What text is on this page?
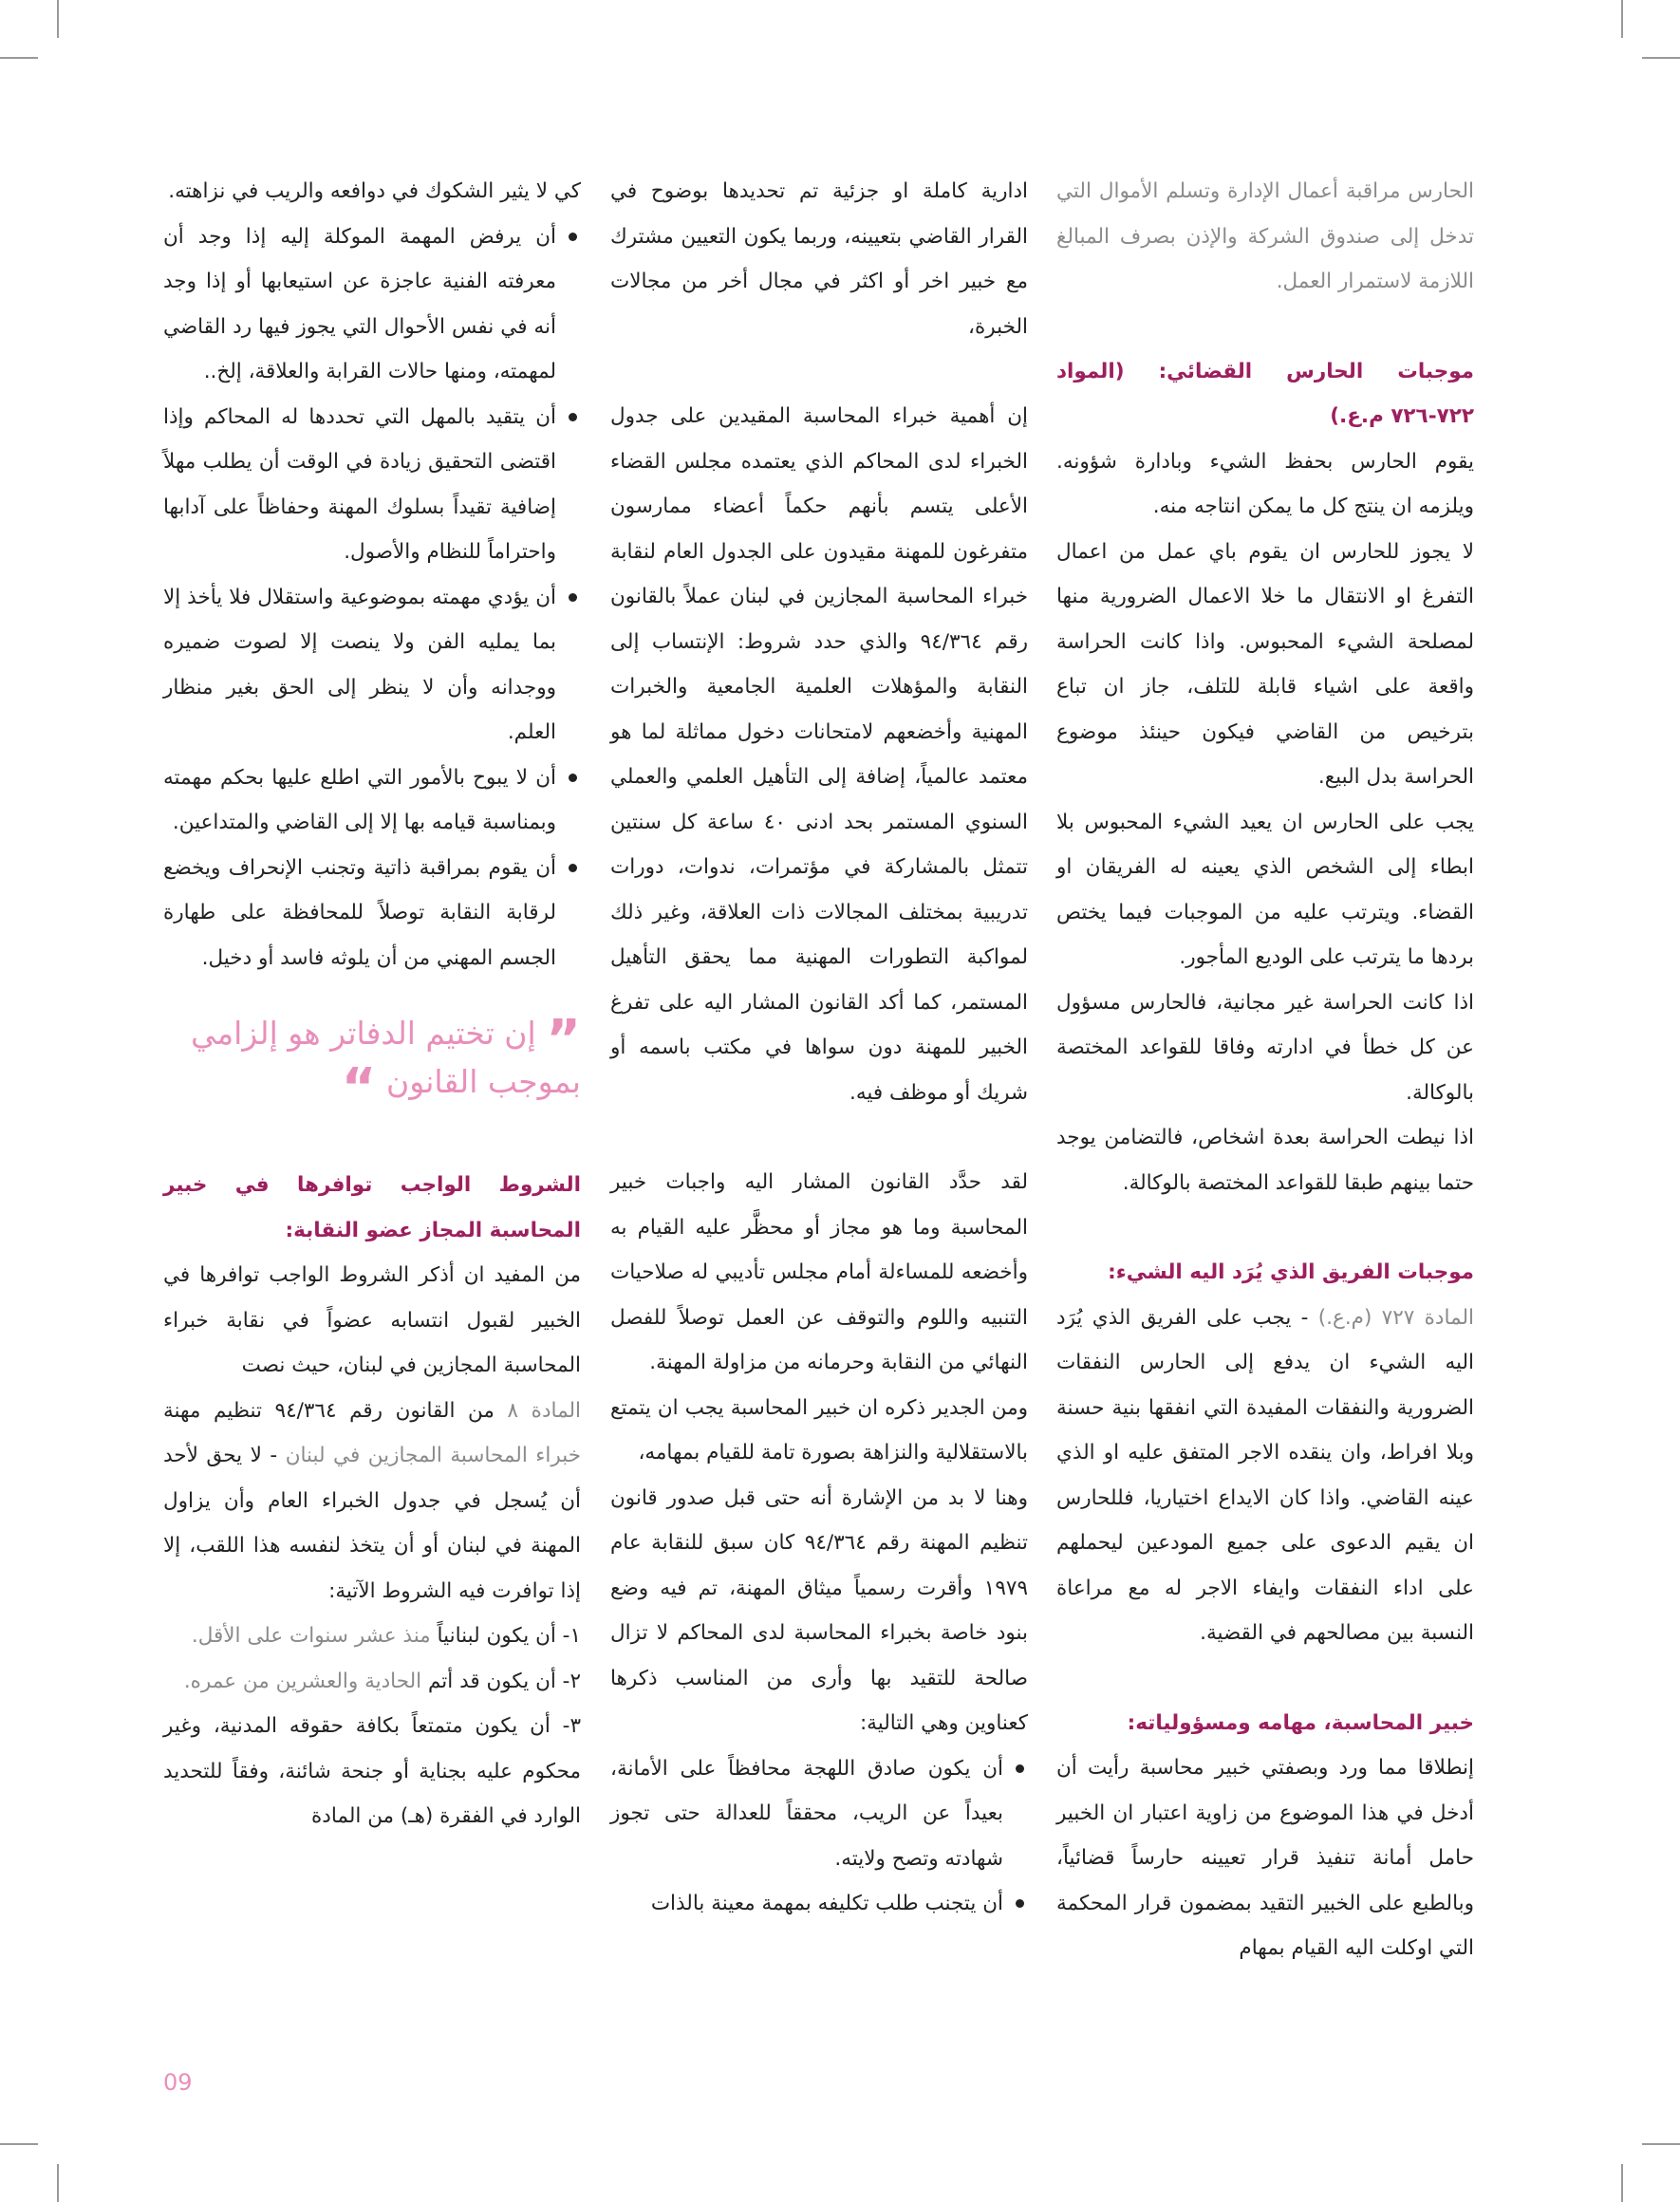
الحارس مراقبة أعمال الإدارة وتسلم الأموال التي تدخل إلى صندوق الشركة والإذن بصرف المبالغ اللازمة لاستمرار العمل.

موجبات الحارس القضائي: (المواد ٧٢٢-٧٢٦ م.ع.)

يقوم الحارس بحفظ الشيء وبادارة شؤونه. ويلزمه ان ينتج كل ما يمكن انتاجه منه.

لا يجوز للحارس ان يقوم باي عمل من اعمال التفرغ او الانتقال ما خلا الاعمال الضرورية منها لمصلحة الشيء المحبوس. واذا كانت الحراسة واقعة على اشياء قابلة للتلف، جاز ان تباع بترخيص من القاضي فيكون حينئذ موضوع الحراسة بدل البيع.

يجب على الحارس ان يعيد الشيء المحبوس بلا ابطاء إلى الشخص الذي يعينه له الفريقان او القضاء. ويترتب عليه من الموجبات فيما يختص بردها ما يترتب على الوديع المأجور.

اذا كانت الحراسة غير مجانية، فالحارس مسؤول عن كل خطأ في ادارته وفاقا للقواعد المختصة بالوكالة.

اذا نيطت الحراسة بعدة اشخاص، فالتضامن يوجد حتما بينهم طبقا للقواعد المختصة بالوكالة.

موجبات الفريق الذي يُرَد اليه الشيء:

المادة ٧٢٧ (م.ع.) - يجب على الفريق الذي يُرَد اليه الشيء ان يدفع إلى الحارس النفقات الضرورية والنفقات المفيدة التي انفقها بنية حسنة وبلا افراط، وان ينقده الاجر المتفق عليه او الذي عينه القاضي. واذا كان الايداع اختياريا، فللحارس ان يقيم الدعوى على جميع المودعين ليحملهم على اداء النفقات وايفاء الاجر له مع مراعاة النسبة بين مصالحهم في القضية.

خبير المحاسبة، مهامه ومسؤولياته:

إنطلاقا مما ورد وبصفتي خبير محاسبة رأيت أن أدخل في هذا الموضوع من زاوية اعتبار ان الخبير حامل أمانة تنفيذ قرار تعيينه حارساً قضائياً، وبالطبع على الخبير التقيد بمضمون قرار المحكمة التي اوكلت اليه القيام بمهام

ادارية كاملة او جزئية تم تحديدها بوضوح في القرار القاضي بتعيينه، وربما يكون التعيين مشترك مع خبير اخر أو اكثر في مجال أخر من مجالات الخبرة،

إن أهمية خبراء المحاسبة المقيدين على جدول الخبراء لدى المحاكم الذي يعتمده مجلس القضاء الأعلى يتسم بأنهم حكماً أعضاء ممارسون متفرغون للمهنة مقيدون على الجدول العام لنقابة خبراء المحاسبة المجازين في لبنان عملاً بالقانون رقم ٩٤/٣٦٤ والذي حدد شروط: الإنتساب إلى النقابة والمؤهلات العلمية الجامعية والخبرات المهنية وأخضعهم لامتحانات دخول مماثلة لما هو معتمد عالمياً، إضافة إلى التأهيل العلمي والعملي السنوي المستمر بحد ادنى ٤٠ ساعة كل سنتين تتمثل بالمشاركة في مؤتمرات، ندوات، دورات تدريبية بمختلف المجالات ذات العلاقة، وغير ذلك لمواكبة التطورات المهنية مما يحقق التأهيل المستمر، كما أكد القانون المشار اليه على تفرغ الخبير للمهنة دون سواها في مكتب باسمه أو شريك أو موظف فيه.

لقد حدَّد القانون المشار اليه واجبات خبير المحاسبة وما هو مجاز أو محظَّر عليه القيام به وأخضعه للمساءلة أمام مجلس تأديبي له صلاحيات التنبيه واللوم والتوقف عن العمل توصلاً للفصل النهائي من النقابة وحرمانه من مزاولة المهنة.

ومن الجدير ذكره ان خبير المحاسبة يجب ان يتمتع بالاستقلالية والنزاهة بصورة تامة للقيام بمهامه،

وهنا لا بد من الإشارة أنه حتى قبل صدور قانون تنظيم المهنة رقم ٩٤/٣٦٤ كان سبق للنقابة عام ١٩٧٩ وأقرت رسمياً ميثاق المهنة، تم فيه وضع بنود خاصة بخبراء المحاسبة لدى المحاكم لا تزال صالحة للتقيد بها وأرى من المناسب ذكرها كعناوين وهي التالية:

أن يكون صادق اللهجة محافظاً على الأمانة، بعيداً عن الريب، محققاً للعدالة حتى تجوز شهادته وتصح ولايته.
أن يتجنب طلب تكليفه بمهمة معينة بالذات

كي لا يثير الشكوك في دوافعه والريب في نزاهته.

أن يرفض المهمة الموكلة إليه إذا وجد أن معرفته الفنية عاجزة عن استيعابها أو إذا وجد أنه في نفس الأحوال التي يجوز فيها رد القاضي لمهمته، ومنها حالات القرابة والعلاقة، إلخ..
أن يتقيد بالمهل التي تحددها له المحاكم وإذا اقتضى التحقيق زيادة في الوقت أن يطلب مهلاً إضافية تقيداً بسلوك المهنة وحفاظاً على آدابها واحتراماً للنظام والأصول.
أن يؤدي مهمته بموضوعية واستقلال فلا يأخذ إلا بما يمليه الفن ولا ينصت إلا لصوت ضميره ووجدانه وأن لا ينظر إلى الحق بغير منظار العلم.
أن لا يبوح بالأمور التي اطلع عليها بحكم مهمته وبمناسبة قيامه بها إلا إلى القاضي والمتداعين.
أن يقوم بمراقبة ذاتية وتجنب الإنحراف ويخضع لرقابة النقابة توصلاً للمحافظة على طهارة الجسم المهني من أن يلوثه فاسد أو دخيل.
” إن تختيم الدفاتر هو إلزامي بموجب القانون “

الشروط الواجب توافرها في خبير المحاسبة المجاز عضو النقابة:

من المفيد ان أذكر الشروط الواجب توافرها في الخبير لقبول انتسابه عضواً في نقابة خبراء المحاسبة المجازين في لبنان، حيث نصت

المادة ٨ من القانون رقم ٩٤/٣٦٤ تنظيم مهنة خبراء المحاسبة المجازين في لبنان - لا يحق لأحد أن يُسجل في جدول الخبراء العام وأن يزاول المهنة في لبنان أو أن يتخذ لنفسه هذا اللقب، إلا إذا توافرت فيه الشروط الآتية:

١- أن يكون لبنانياً منذ عشر سنوات على الأقل.

٢- أن يكون قد أتم الحادية والعشرين من عمره.

٣- أن يكون متمتعاً بكافة حقوقه المدنية، وغير محكوم عليه بجناية أو جنحة شائنة، وفقاً للتحديد الوارد في الفقرة (هـ) من المادة

09
